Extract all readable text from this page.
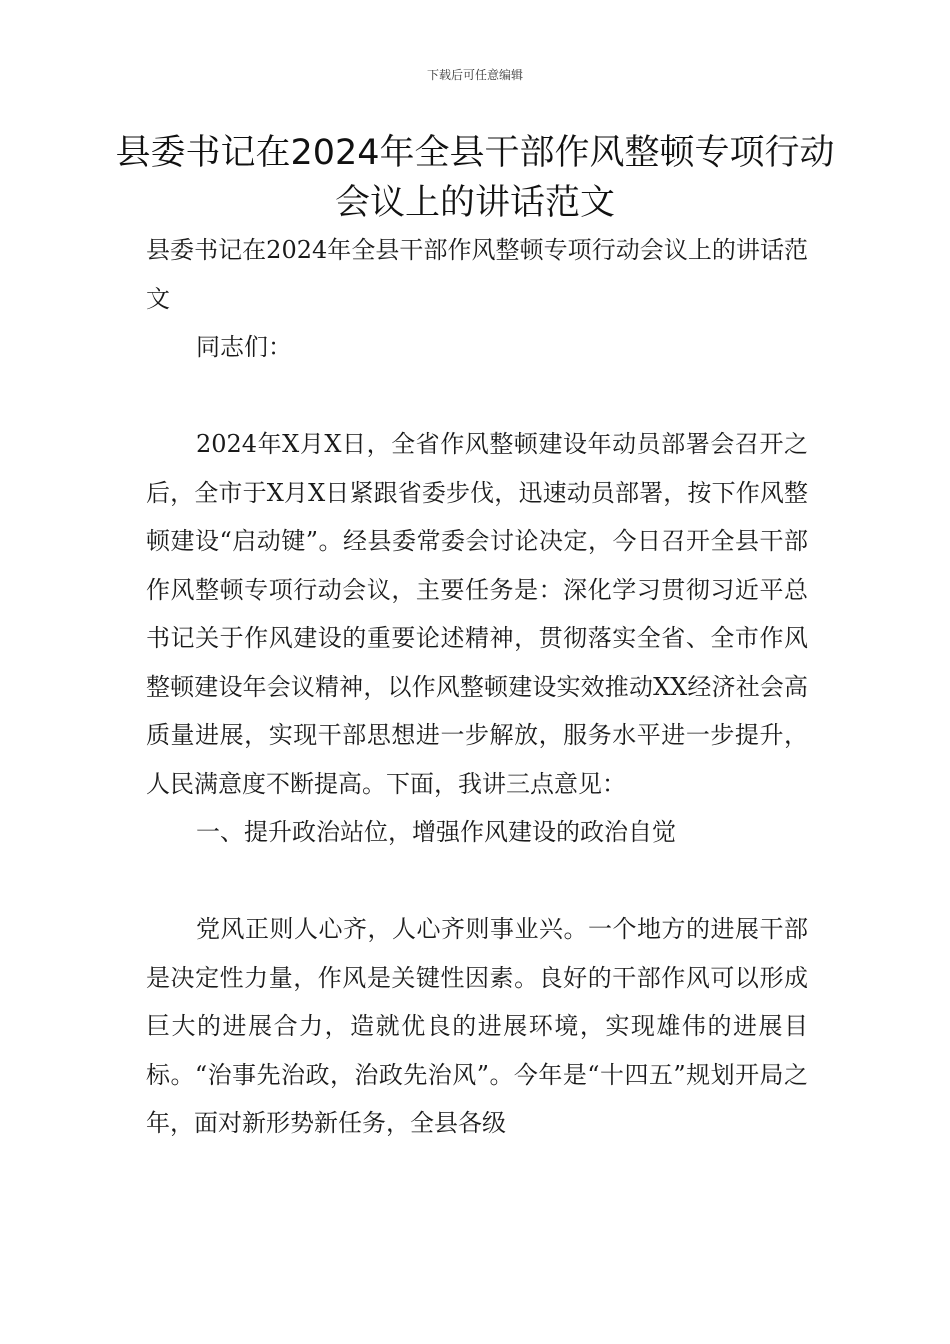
下载后可任意编辑
县委书记在2024年全县干部作风整顿专项行动会议上的讲话范文

县委书记在2024年全县干部作风整顿专项行动会议上的讲话范文

同志们：

2024年X月X日，全省作风整顿建设年动员部署会召开之后，全市于X月X日紧跟省委步伐，迅速动员部署，按下作风整顿建设“启动键”。经县委常委会讨论决定，今日召开全县干部作风整顿专项行动会议，主要任务是：深化学习贯彻习近平总书记关于作风建设的重要论述精神，贯彻落实全省、全市作风整顿建设年会议精神，以作风整顿建设实效推动XX经济社会高质量进展，实现干部思想进一步解放，服务水平进一步提升，人民满意度不断提高。下面，我讲三点意见：

一、提升政治站位，增强作风建设的政治自觉

党风正则人心齐，人心齐则事业兴。一个地方的进展干部是决定性力量，作风是关键性因素。良好的干部作风可以形成巨大的进展合力，造就优良的进展环境，实现雄伟的进展目标。“治事先治政，治政先治风”。今年是“十四五”规划开局之年，面对新形势新任务，全县各级
